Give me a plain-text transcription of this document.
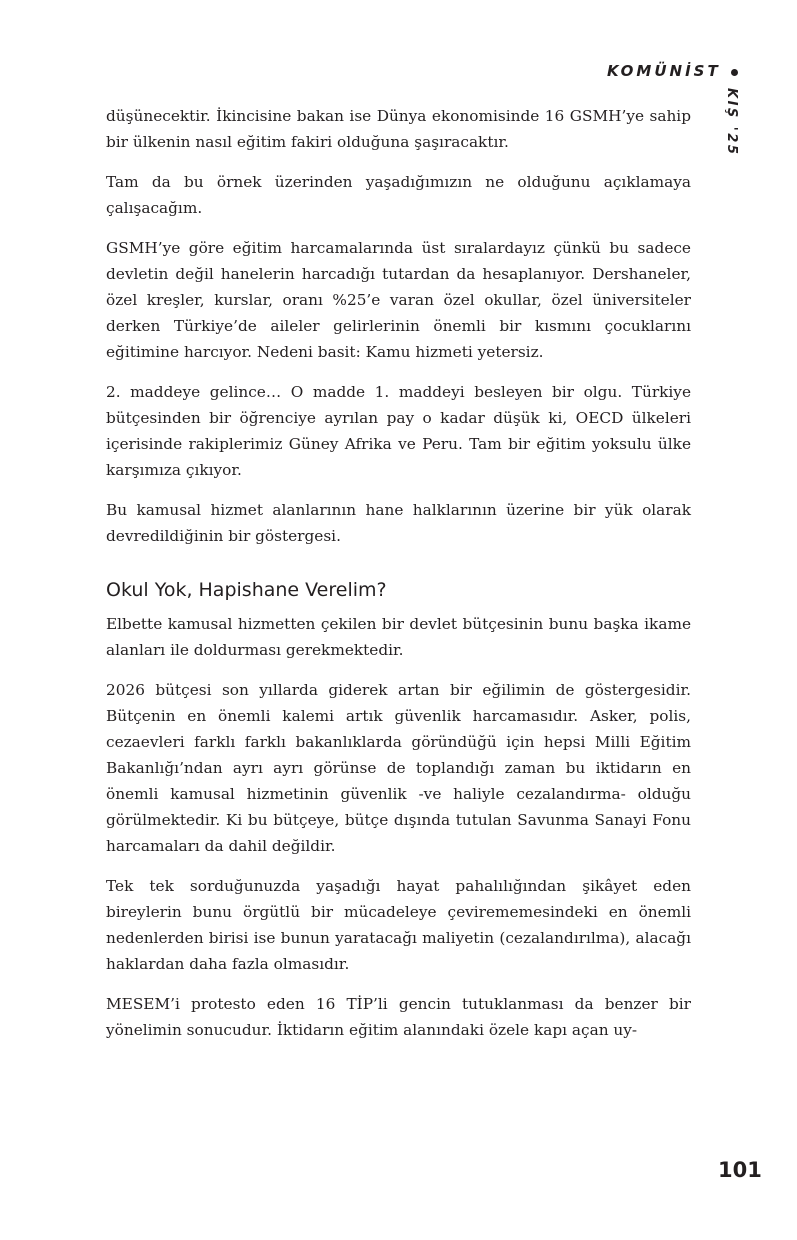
KOMÜNİST
KIŞ '25

düşünecektir. İkincisine bakan ise Dünya ekonomisinde 16 GSMH’ye sahip bir ülkenin nasıl eğitim fakiri olduğuna şaşıracaktır.

Tam da bu örnek üzerinden yaşadığımızın ne olduğunu açıklamaya çalışacağım.

GSMH’ye göre eğitim harcamalarında üst sıralardayız çünkü bu sadece devletin değil hanelerin harcadığı tutardan da hesaplanıyor. Dershaneler, özel kreşler, kurslar, oranı %25’e varan özel okullar, özel üniversiteler derken Türkiye’de aileler gelirlerinin önemli bir kısmını çocuklarını eğitimine harcıyor. Nedeni basit: Kamu hizmeti yetersiz.

2. maddeye gelince… O madde 1. maddeyi besleyen bir olgu. Türkiye bütçesinden bir öğrenciye ayrılan pay o kadar düşük ki, OECD ülkeleri içerisinde rakiplerimiz Güney Afrika ve Peru. Tam bir eğitim yoksulu ülke karşımıza çıkıyor.

Bu kamusal hizmet alanlarının hane halklarının üzerine bir yük olarak devredildiğinin bir göstergesi.

Okul Yok, Hapishane Verelim?

Elbette kamusal hizmetten çekilen bir devlet bütçesinin bunu başka ikame alanları ile doldurması gerekmektedir.

2026 bütçesi son yıllarda giderek artan bir eğilimin de göstergesidir. Bütçenin en önemli kalemi artık güvenlik harcamasıdır. Asker, polis, cezaevleri farklı farklı bakanlıklarda göründüğü için hepsi Milli Eğitim Bakanlığı’ndan ayrı ayrı görünse de toplandığı zaman bu iktidarın en önemli kamusal hizmetinin güvenlik -ve haliyle cezalandırma- olduğu görülmektedir. Ki bu bütçeye, bütçe dışında tutulan Savunma Sanayi Fonu harcamaları da dahil değildir.

Tek tek sorduğunuzda yaşadığı hayat pahalılığından şikâyet eden bireylerin bunu örgütlü bir mücadeleye çevirememesindeki en önemli nedenlerden birisi ise bunun yaratacağı maliyetin (cezalandırılma), alacağı haklardan daha fazla olmasıdır.

MESEM’i protesto eden 16 TİP’li gencin tutuklanması da benzer bir yönelimin sonucudur. İktidarın eğitim alanındaki özele kapı açan uy-

101
